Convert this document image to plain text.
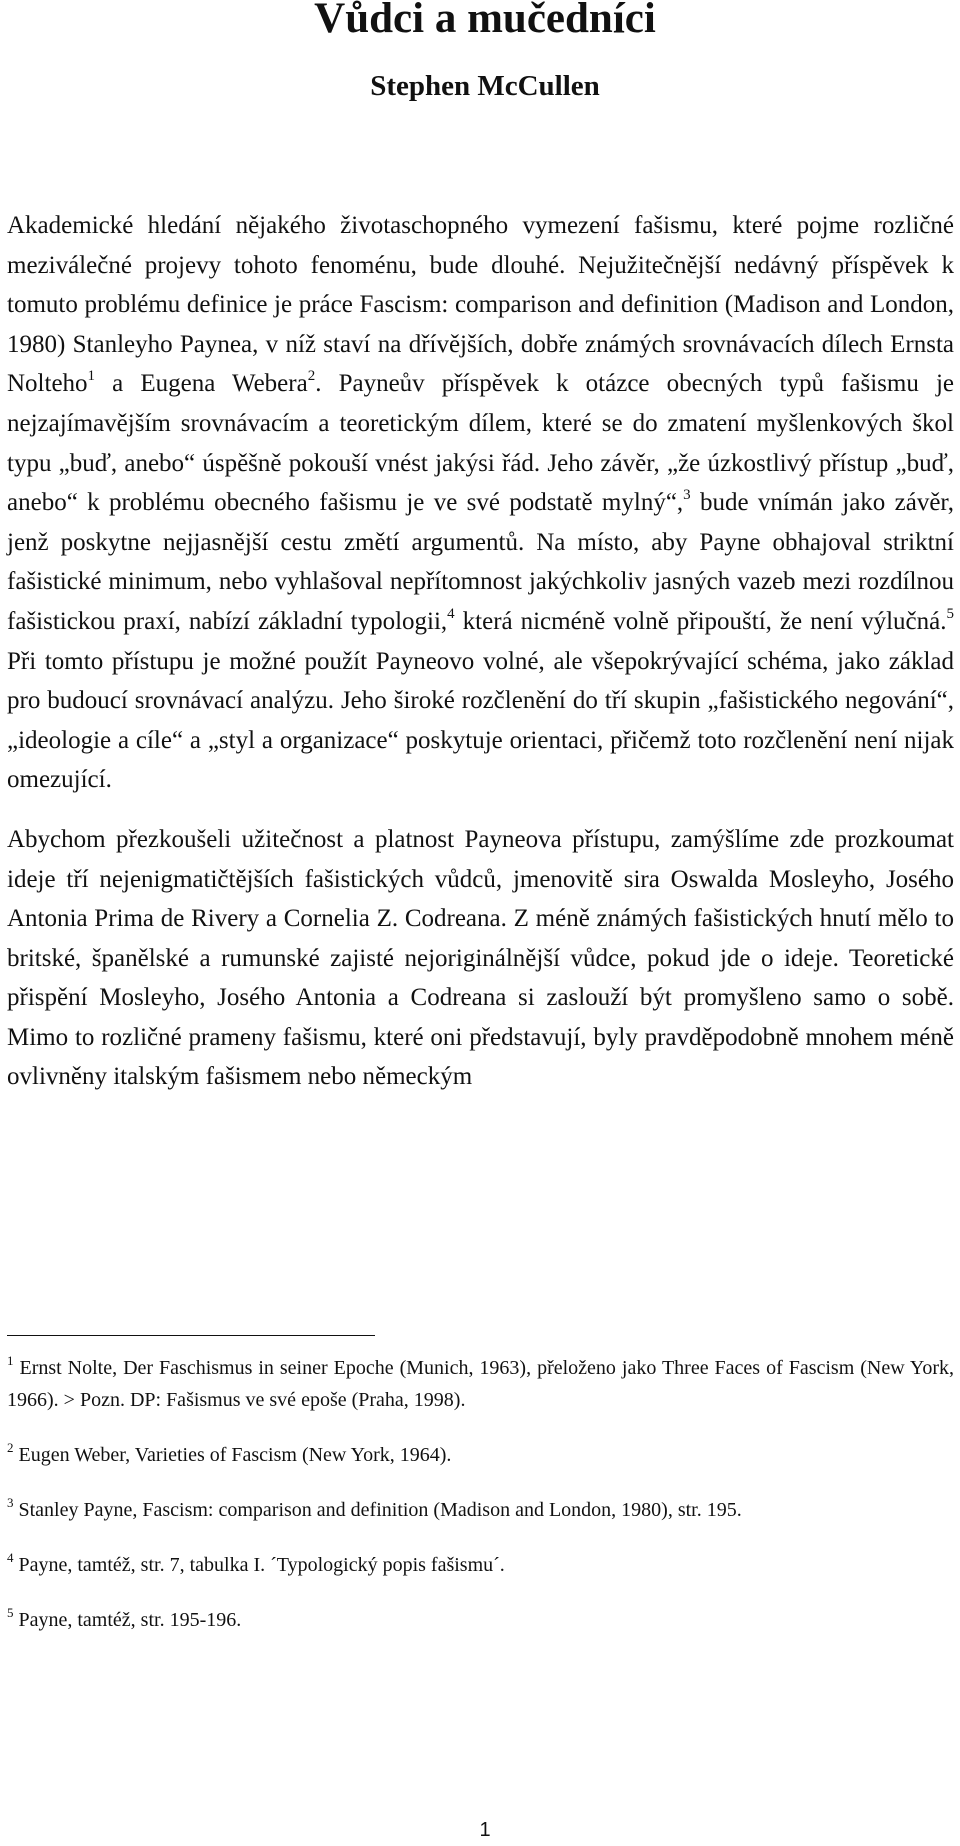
Vůdci a mučedníci
Stephen McCullen

Akademické hledání nějakého životaschopného vymezení fašismu, které pojme rozličné meziválečné projevy tohoto fenoménu, bude dlouhé. Nejužitečnější nedávný příspěvek k tomuto problému definice je práce Fascism: comparison and definition (Madison and London, 1980) Stanleyho Paynea, v níž staví na dřívějších, dobře známých srovnávacích dílech Ernsta Nolteho$^1$ a Eugena Webera$^2$. Payneův příspěvek k otázce obecných typů fašismu je nejzajímavějším srovnávacím a teoretickým dílem, které se do zmatení myšlenkových škol typu „buď, anebo“ úspěšně pokouší vnést jakýsi řád. Jeho závěr, „že úzkostlivý přístup „buď, anebo“ k problému obecného fašismu je ve své podstatě mylný“,$^3$ bude vnímán jako závěr, jenž poskytne nejjasnější cestu změtí argumentů. Na místo, aby Payne obhajoval striktní fašistické minimum, nebo vyhlašoval nepřítomnost jakýchkoliv jasných vazeb mezi rozdílnou fašistickou praxí, nabízí základní typologii,$^4$ která nicméně volně připouští, že není výlučná.$^5$ Při tomto přístupu je možné použít Payneovo volné, ale všepokrývající schéma, jako základ pro budoucí srovnávací analýzu. Jeho široké rozčlenění do tří skupin „fašistického negování“, „ideologie a cíle“ a „styl a organizace“ poskytuje orientaci, přičemž toto rozčlenění není nijak omezující.

Abychom přezkoušeli užitečnost a platnost Payneova přístupu, zamýšlíme zde prozkoumat ideje tří nejenigmatičtějších fašistických vůdců, jmenovitě sira Oswalda Mosleyho, Josého Antonia Prima de Rivery a Cornelia Z. Codreana. Z méně známých fašistických hnutí mělo to britské, španělské a rumunské zajisté nejoriginálnější vůdce, pokud jde o ideje. Teoretické přispění Mosleyho, Josého Antonia a Codreana si zaslouží být promyšleno samo o sobě. Mimo to rozličné prameny fašismu, které oni představují, byly pravděpodobně mnohem méně ovlivněny italským fašismem nebo německým

$^1$ Ernst Nolte, Der Faschismus in seiner Epoche (Munich, 1963), přeloženo jako Three Faces of Fascism (New York, 1966). > Pozn. DP: Fašismus ve své epoše (Praha, 1998).

$^2$ Eugen Weber, Varieties of Fascism (New York, 1964).

$^3$ Stanley Payne, Fascism: comparison and definition (Madison and London, 1980), str. 195.

$^4$ Payne, tamtéž, str. 7, tabulka I. ´Typologický popis fašismu´.

$^5$ Payne, tamtéž, str. 195-196.

1
